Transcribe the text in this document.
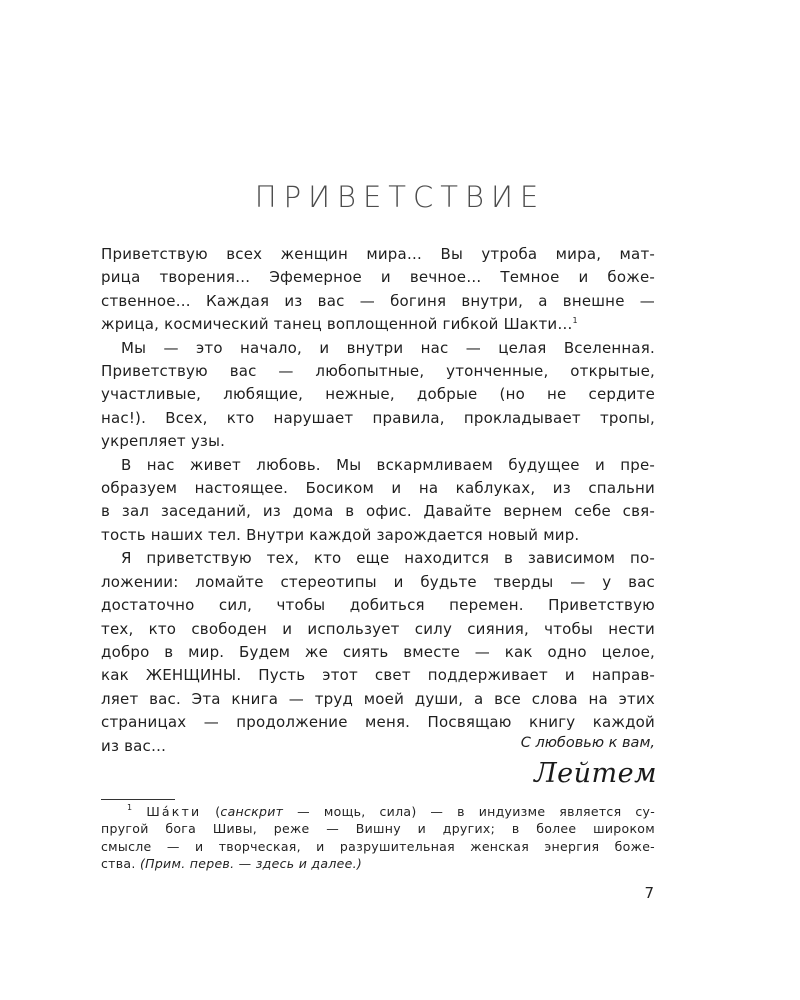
ПРИВЕТСТВИЕ

Приветствую всех женщин мира… Вы утроба мира, мат-
рица творения… Эфемерное и вечное… Темное и боже-
ственное… Каждая из вас — богиня внутри, а внешне —
жрица, космический танец воплощенной гибкой Шакти…$^1$

Мы — это начало, и внутри нас — целая Вселенная.
Приветствую вас — любопытные, утонченные, открытые,
участливые, любящие, нежные, добрые (но не сердите
нас!). Всех, кто нарушает правила, прокладывает тропы,
укрепляет узы.

В нас живет любовь. Мы вскармливаем будущее и пре-
образуем настоящее. Босиком и на каблуках, из спальни
в зал заседаний, из дома в офис. Давайте вернем себе свя-
тость наших тел. Внутри каждой зарождается новый мир.

Я приветствую тех, кто еще находится в зависимом по-
ложении: ломайте стереотипы и будьте тверды — у вас
достаточно сил, чтобы добиться перемен. Приветствую
тех, кто свободен и использует силу сияния, чтобы нести
добро в мир. Будем же сиять вместе — как одно целое,
как ЖЕНЩИНЫ. Пусть этот свет поддерживает и направ-
ляет вас. Эта книга — труд моей души, а все слова на этих
страницах — продолжение меня. Посвящаю книгу каждой
из вас…	С любовью к вам,
Лейтем
$^1$ Шáкти (санскрит — мощь, сила) — в индуизме является су-
пругой бога Шивы, реже — Вишну и других; в более широком
смысле — и творческая, и разрушительная женская энергия боже-
ства. (Прим. перев. — здесь и далее.)
7
